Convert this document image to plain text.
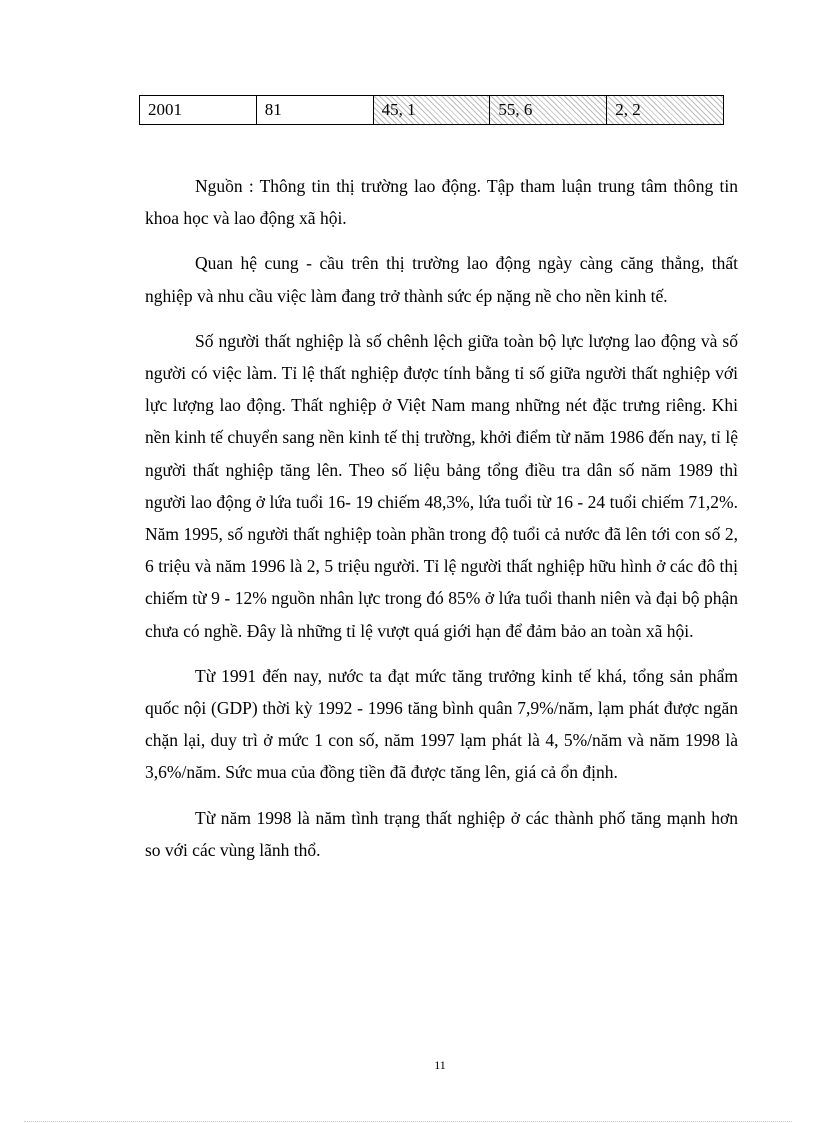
2001	81	45, 1	55, 6	2, 2

Nguồn : Thông tin thị trường lao động. Tập tham luận trung tâm thông tin khoa học và lao động xã hội.

Quan hệ cung - cầu trên thị trường lao động ngày càng căng thẳng, thất nghiệp và nhu cầu việc làm đang trở thành sức ép nặng nề cho nền kinh tế.

Số người thất nghiệp là số chênh lệch giữa toàn bộ lực lượng lao động và số người có việc làm. Tỉ lệ thất nghiệp được tính bằng tỉ số giữa người thất nghiệp với lực lượng lao động. Thất nghiệp ở Việt Nam mang những nét đặc trưng riêng. Khi nền kinh tế chuyển sang nền kinh tế thị trường, khởi điểm từ năm 1986 đến nay, tỉ lệ người thất nghiệp tăng lên. Theo số liệu bảng tổng điều tra dân số năm 1989 thì người lao động ở lứa tuổi 16- 19 chiếm 48,3%, lứa tuổi từ 16 - 24 tuổi chiếm 71,2%. Năm 1995, số người thất nghiệp toàn phần trong độ tuổi cả nước đã lên tới con số 2, 6 triệu và năm 1996 là 2, 5 triệu người. Tỉ lệ người thất nghiệp hữu hình ở các đô thị chiếm từ 9 - 12% nguồn nhân lực trong đó 85% ở lứa tuổi thanh niên và đại bộ phận chưa có nghề. Đây là những tỉ lệ vượt quá giới hạn để đảm bảo an toàn xã hội.

Từ 1991 đến nay, nước ta đạt mức tăng trưởng kinh tế khá, tổng sản phẩm quốc nội (GDP) thời kỳ 1992 - 1996 tăng bình quân 7,9%/năm, lạm phát được ngăn chặn lại, duy trì ở mức 1 con số, năm 1997 lạm phát là 4, 5%/năm và năm 1998 là 3,6%/năm. Sức mua của đồng tiền đã được tăng lên, giá cả ổn định.

Từ năm 1998 là năm tình trạng thất nghiệp ở các thành phố tăng mạnh hơn so với các vùng lãnh thổ.

11
